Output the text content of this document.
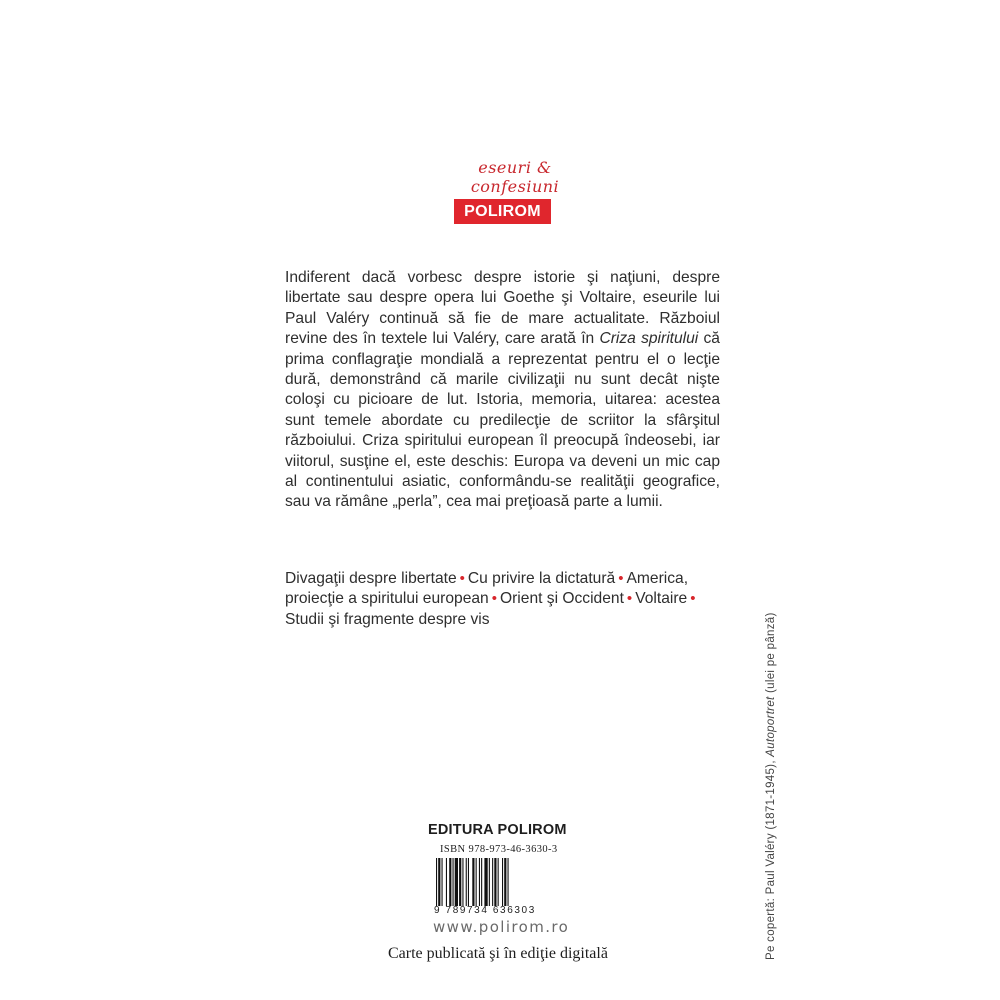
eseuri & confesiuni
POLIROM

Indiferent dacă vorbesc despre istorie şi naţiuni, despre libertate sau despre opera lui Goethe şi Voltaire, eseurile lui Paul Valéry continuă să fie de mare actualitate. Războiul revine des în textele lui Valéry, care arată în Criza spiritului că prima conflagraţie mondială a reprezentat pentru el o lecţie dură, demonstrând că marile civilizaţii nu sunt decât nişte coloşi cu picioare de lut. Istoria, memoria, uitarea: acestea sunt temele abordate cu predilecţie de scriitor la sfârşitul războiului. Criza spiritului european îl preocupă îndeosebi, iar viitorul, susţine el, este deschis: Europa va deveni un mic cap al continentului asiatic, conformându-se realităţii geografice, sau va rămâne „perla”, cea mai preţioasă parte a lumii.

Divagaţii despre libertate • Cu privire la dictatură • America, proiecţie a spiritului european • Orient şi Occident • Voltaire •
Studii şi fragmente despre vis

EDITURA POLIROM
ISBN 978-973-46-3630-3
9 789734 636303
www.polirom.ro
Carte publicată şi în ediţie digitală	Pe copertă: Paul Valéry (1871-1945), Autoportret (ulei pe pânză)
